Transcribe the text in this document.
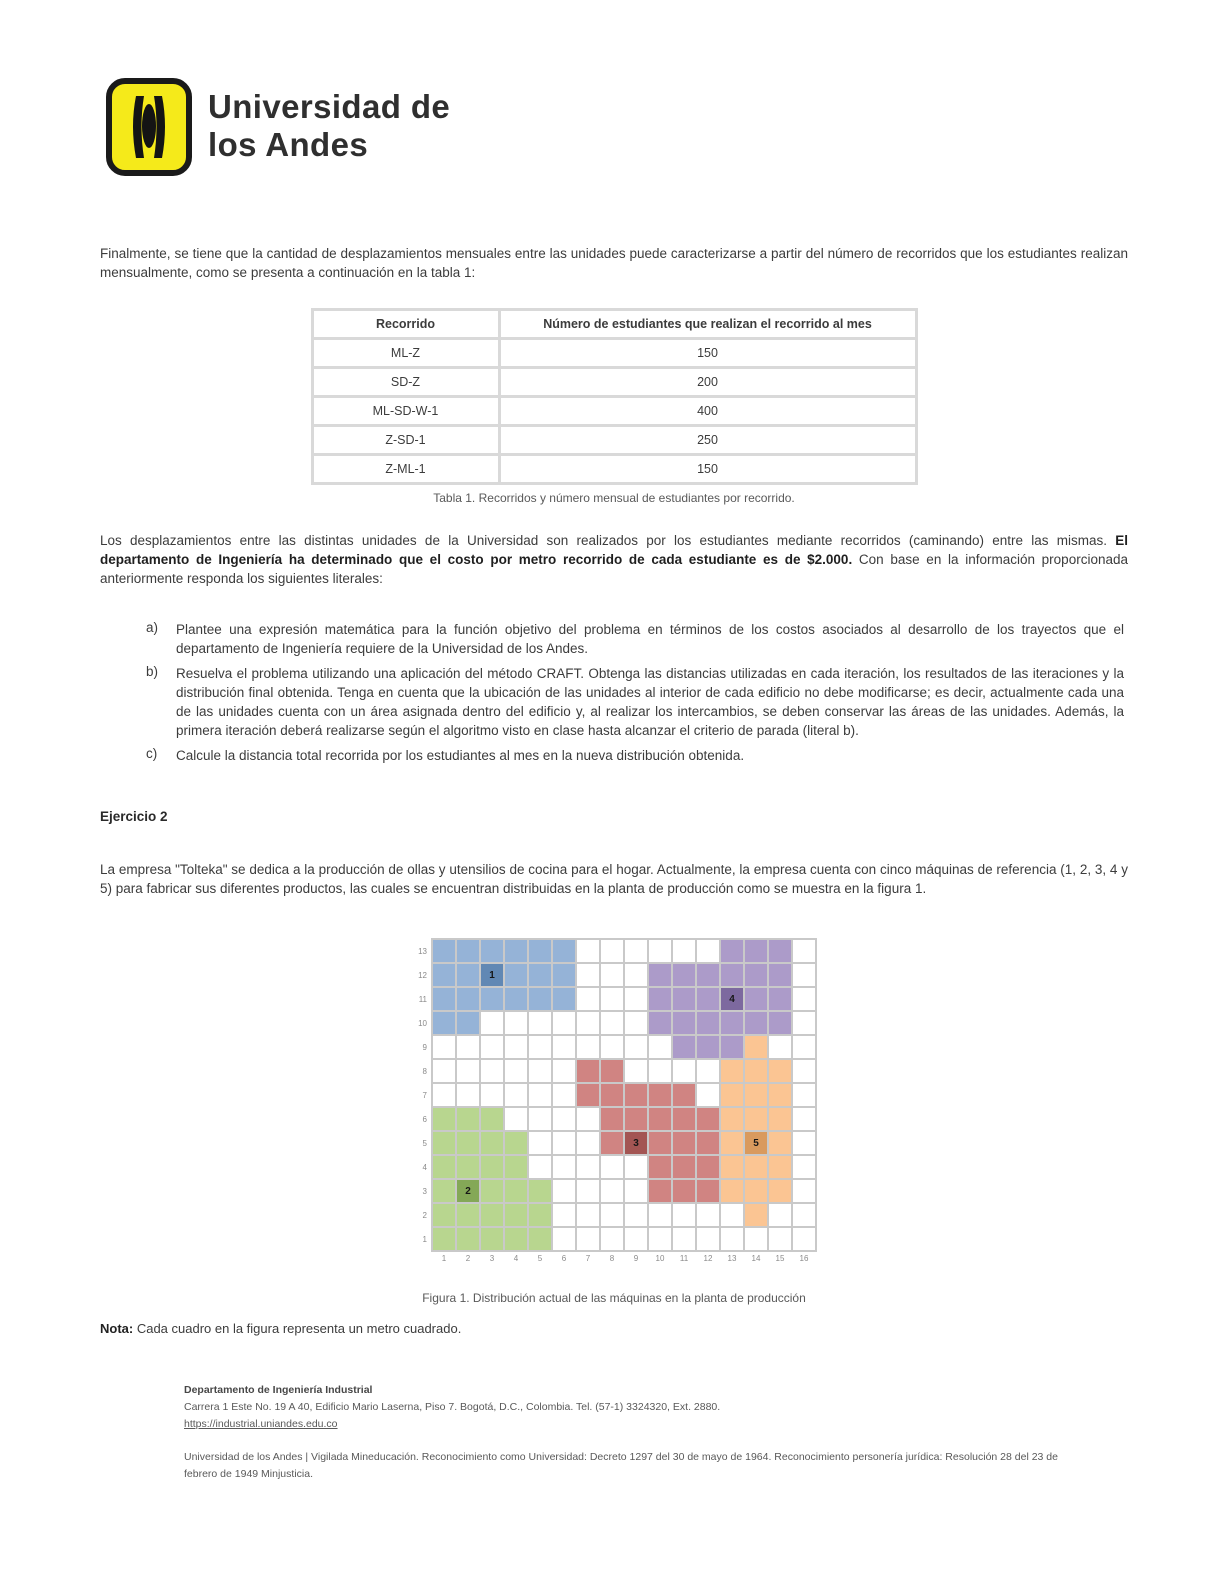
Universidad de
los Andes

Finalmente, se tiene que la cantidad de desplazamientos mensuales entre las unidades puede caracterizarse a partir del número de recorridos que los estudiantes realizan mensualmente, como se presenta a continuación en la tabla 1:

Recorrido	Número de estudiantes que realizan el recorrido al mes
ML-Z	150
SD-Z	200
ML-SD-W-1	400
Z-SD-1	250
Z-ML-1	150
Tabla 1. Recorridos y número mensual de estudiantes por recorrido.

Los desplazamientos entre las distintas unidades de la Universidad son realizados por los estudiantes mediante recorridos (caminando) entre las mismas. El departamento de Ingeniería ha determinado que el costo por metro recorrido de cada estudiante es de $2.000. Con base en la información proporcionada anteriormente responda los siguientes literales:

a)	Plantee una expresión matemática para la función objetivo del problema en términos de los costos asociados al desarrollo de los trayectos que el departamento de Ingeniería requiere de la Universidad de los Andes.
b)	Resuelva el problema utilizando una aplicación del método CRAFT. Obtenga las distancias utilizadas en cada iteración, los resultados de las iteraciones y la distribución final obtenida. Tenga en cuenta que la ubicación de las unidades al interior de cada edificio no debe modificarse; es decir, actualmente cada una de las unidades cuenta con un área asignada dentro del edificio y, al realizar los intercambios, se deben conservar las áreas de las unidades. Además, la primera iteración deberá realizarse según el algoritmo visto en clase hasta alcanzar el criterio de parada (literal b).
c)	Calcule la distancia total recorrida por los estudiantes al mes en la nueva distribución obtenida.
Ejercicio 2

La empresa "Tolteka" se dedica a la producción de ollas y utensilios de cocina para el hogar. Actualmente, la empresa cuenta con cinco máquinas de referencia (1, 2, 3, 4 y 5) para fabricar sus diferentes productos, las cuales se encuentran distribuidas en la planta de producción como se muestra en la figura 1.

13
12
11
10
9
8
7
6
5
4
3
2
1
1
4
3	5
2
1	2	3	4	5	6	7	8	9	10	11	12	13	14	15	16
Figura 1. Distribución actual de las máquinas en la planta de producción

Nota: Cada cuadro en la figura representa un metro cuadrado.

Departamento de Ingeniería Industrial
Carrera 1 Este No. 19 A 40, Edificio Mario Laserna, Piso 7. Bogotá, D.C., Colombia. Tel. (57-1) 3324320, Ext. 2880.
https://industrial.uniandes.edu.co
Universidad de los Andes | Vigilada Mineducación. Reconocimiento como Universidad: Decreto 1297 del 30 de mayo de 1964. Reconocimiento personería jurídica: Resolución 28 del 23 de febrero de 1949 Minjusticia.
